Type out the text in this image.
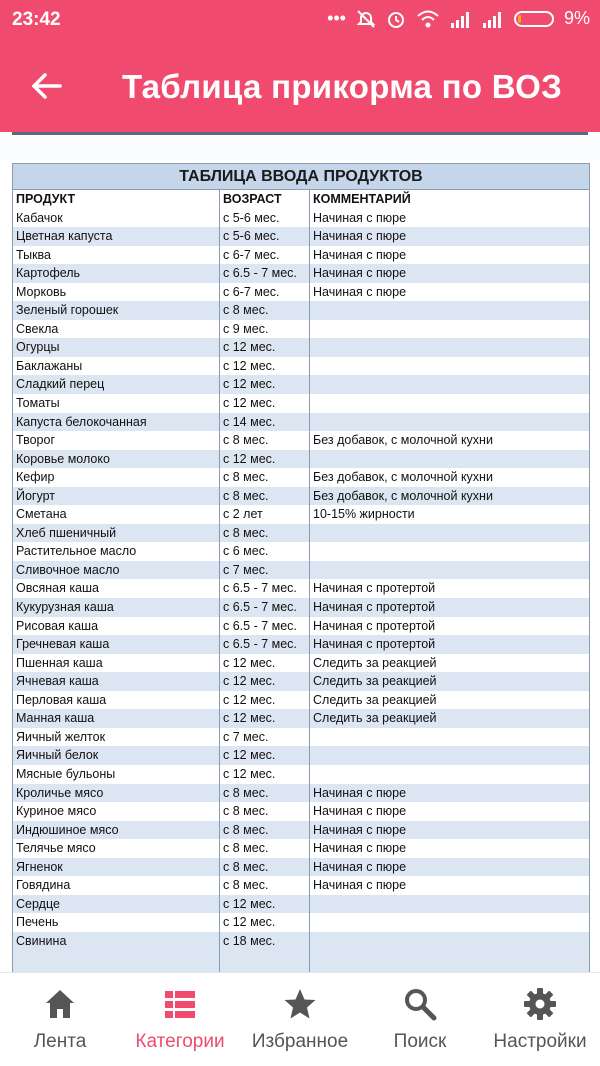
23:42	•••	9%
Таблица прикорма по ВОЗ
ТАБЛИЦА ВВОДА ПРОДУКТОВ
ПРОДУКТ	ВОЗРАСТ	КОММЕНТАРИЙ
Кабачок	с 5-6 мес.	Начиная с пюре
Цветная капуста	с 5-6 мес.	Начиная с пюре
Тыква	с 6-7 мес.	Начиная с пюре
Картофель	с 6.5 - 7 мес.	Начиная с пюре
Морковь	с 6-7 мес.	Начиная с пюре
Зеленый горошек	с 8 мес.
Свекла	с 9 мес.
Огурцы	с 12 мес.
Баклажаны	с 12 мес.
Сладкий перец	с 12 мес.
Томаты	с 12 мес.
Капуста белокочанная	с 14 мес.
Творог	с 8 мес.	Без добавок, с молочной кухни
Коровье молоко	с 12 мес.
Кефир	с 8 мес.	Без добавок, с молочной кухни
Йогурт	с 8 мес.	Без добавок, с молочной кухни
Сметана	с 2 лет	10-15% жирности
Хлеб пшеничный	с 8 мес.
Растительное масло	с 6 мес.
Сливочное масло	с 7 мес.
Овсяная каша	с 6.5 - 7 мес.	Начиная с протертой
Кукурузная каша	с 6.5 - 7 мес.	Начиная с протертой
Рисовая каша	с 6.5 - 7 мес.	Начиная с протертой
Гречневая каша	с 6.5 - 7 мес.	Начиная с протертой
Пшенная каша	с 12 мес.	Следить за реакцией
Ячневая каша	с 12 мес.	Следить за реакцией
Перловая каша	с 12 мес.	Следить за реакцией
Манная каша	с 12 мес.	Следить за реакцией
Яичный желток	с 7 мес.
Яичный белок	с 12 мес.
Мясные бульоны	с 12 мес.
Кроличье мясо	с 8 мес.	Начиная с пюре
Куриное мясо	с 8 мес.	Начиная с пюре
Индюшиное мясо	с 8 мес.	Начиная с пюре
Телячье мясо	с 8 мес.	Начиная с пюре
Ягненок	с 8 мес.	Начиная с пюре
Говядина	с 8 мес.	Начиная с пюре
Сердце	с 12 мес.
Печень	с 12 мес.
Свинина	с 18 мес.
Лента	Категории	Избранное	Поиск	Настройки
